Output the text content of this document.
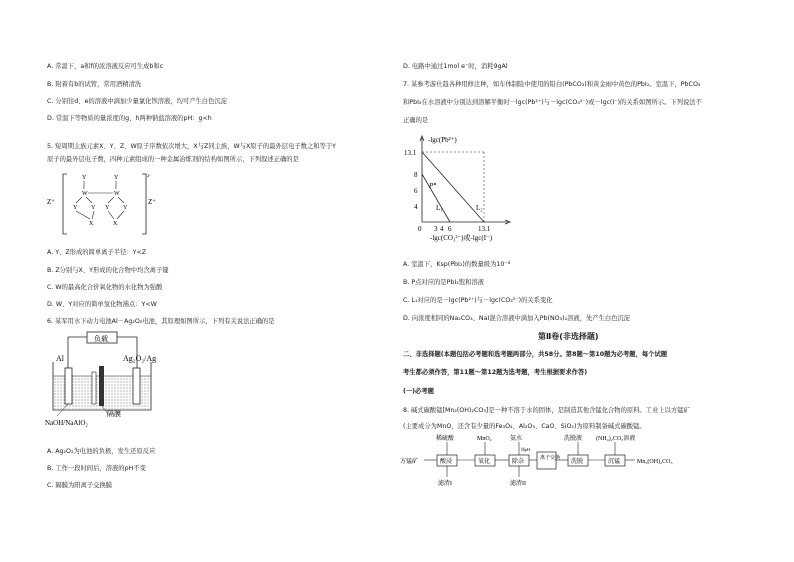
A. 常温下，a和f的浓溶液反应可生成b和c
B. 附着有b的试管，常用酒精清洗
C. 分别往d、e的溶液中滴加少量氯化钡溶液，均可产生白色沉淀
D. 常温下等物质的量浓度的g、h两种钠盐溶液的pH：g<h
5. 短周期主族元素X、Y、Z、W原子序数依次增大，X与Z同主族，W与X原子的最外层电子数之和等于Y
原子的最外层电子数，四种元素组成的一种金属冶炼剂的结构如图所示，下列叙述正确的是
Z⁺
2-
Z⁺
Y	Y
W	W
Y Y Y Y
X	X
A. Y、Z形成的简单离子半径：Y<Z
B. Z分别与X、Y形成的化合物中均含离子键
C. W的最高化合价氧化物的水化物为强酸
D. W、Y对应的简单氢化物沸点：Y<W
6. 某军用水下动力电池Al－Ag₂O₂电池，其原理如图所示，下列有关说法正确的是
负载
Al	Ag₂O₂/Ag
NaOH/NaAlO₂
隔膜
A. Ag₂O₂为电池的负极，发生还原反应
B. 工作一段时间后，溶液的pH不变
C. 隔膜为阳离子交换膜
D. 电路中通过1mol e⁻时，消耗9gAl
7. 某参考游仕趋各种用修注种，如车体制险中使用的铅白(PbCO₃)和黄金雨中黄色的PbI₂。室温下，PbCO₃
和PbI₂在水溶液中分别达到溶解平衡时－lgc(Pb²⁺)与－lgc(CO₃²⁻)或－lgc(I⁻)的关系如图所示。下列说法不
正确的是
-lgc(Pb²⁺)
13.1
8
6
4
0 3 4 6	13.1
-lgc(CO₃²⁻)或-lgc(I⁻)
P
L₁	L₂
A. 室温下，Ksp(PbI₂)的数量级为10⁻⁸
B. P点对应的是PbI₂饱和溶液
C. L₁对应的是－lgc(Pb²⁺)与－lgc(CO₃²⁻)的关系变化
D. 向浓度相同的Na₂CO₃、NaI混合溶液中滴加入Pb(NO₃)₂溶液，先产生白色沉淀
第Ⅱ卷(非选择题)
二、非选择题(本题包括必考题和选考题两部分，共58分。第8题～第10题为必考题，每个试题
考生都必须作答，第11题～第12题为选考题，考生根据要求作答)
(一)必考题
8. 碱式碳酸锰[Mn₂(OH)₂CO₃]是一种不溶于水的固体，是制造其他含锰化合物的原料。工业上以方锰矿
(主要成分为MnO，还含有少量的Fe₃O₄、Al₂O₃、CaO、SiO₂)为原料制备碱式碳酸锰。
方锰矿	酸浸	氧化	除杂
离子交换
洗脱	沉锰
稀硫酸	MnO₂	氨水
调pH
洗脱液 (NH₄)₂CO₃溶液
滤渣I	滤渣II
Mn₂(OH)₂CO₃
